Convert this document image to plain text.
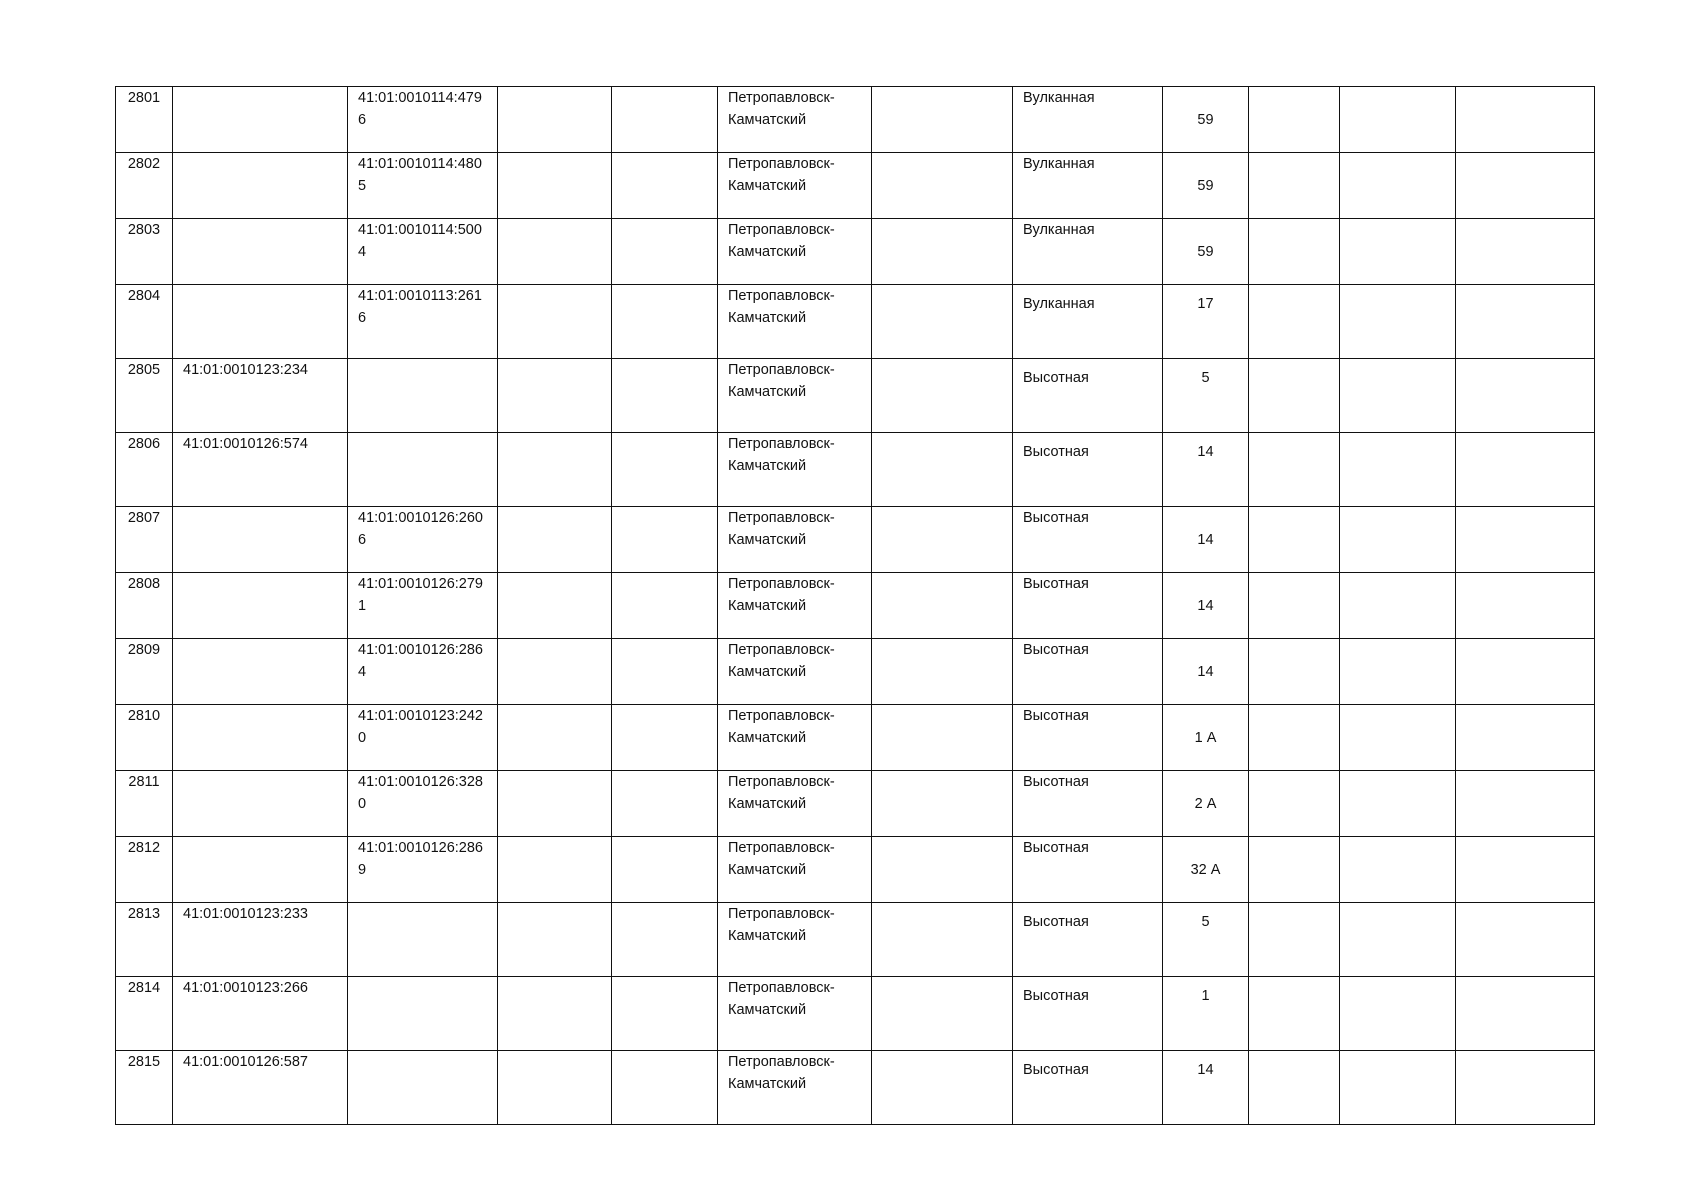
2801		41:01:0010114:4796			Петропавловск-Камчатский		Вулканная	59			
2802		41:01:0010114:4805			Петропавловск-Камчатский		Вулканная	59			
2803		41:01:0010114:5004			Петропавловск-Камчатский		Вулканная	59			
2804		41:01:0010113:2616			Петропавловск-Камчатский		Вулканная	17			
2805	41:01:0010123:234				Петропавловск-Камчатский		Высотная	5			
2806	41:01:0010126:574				Петропавловск-Камчатский		Высотная	14			
2807		41:01:0010126:2606			Петропавловск-Камчатский		Высотная	14			
2808		41:01:0010126:2791			Петропавловск-Камчатский		Высотная	14			
2809		41:01:0010126:2864			Петропавловск-Камчатский		Высотная	14			
2810		41:01:0010123:2420			Петропавловск-Камчатский		Высотная	1 А			
2811		41:01:0010126:3280			Петропавловск-Камчатский		Высотная	2 А			
2812		41:01:0010126:2869			Петропавловск-Камчатский		Высотная	32 А			
2813	41:01:0010123:233				Петропавловск-Камчатский		Высотная	5			
2814	41:01:0010123:266				Петропавловск-Камчатский		Высотная	1			
2815	41:01:0010126:587				Петропавловск-Камчатский		Высотная	14			
